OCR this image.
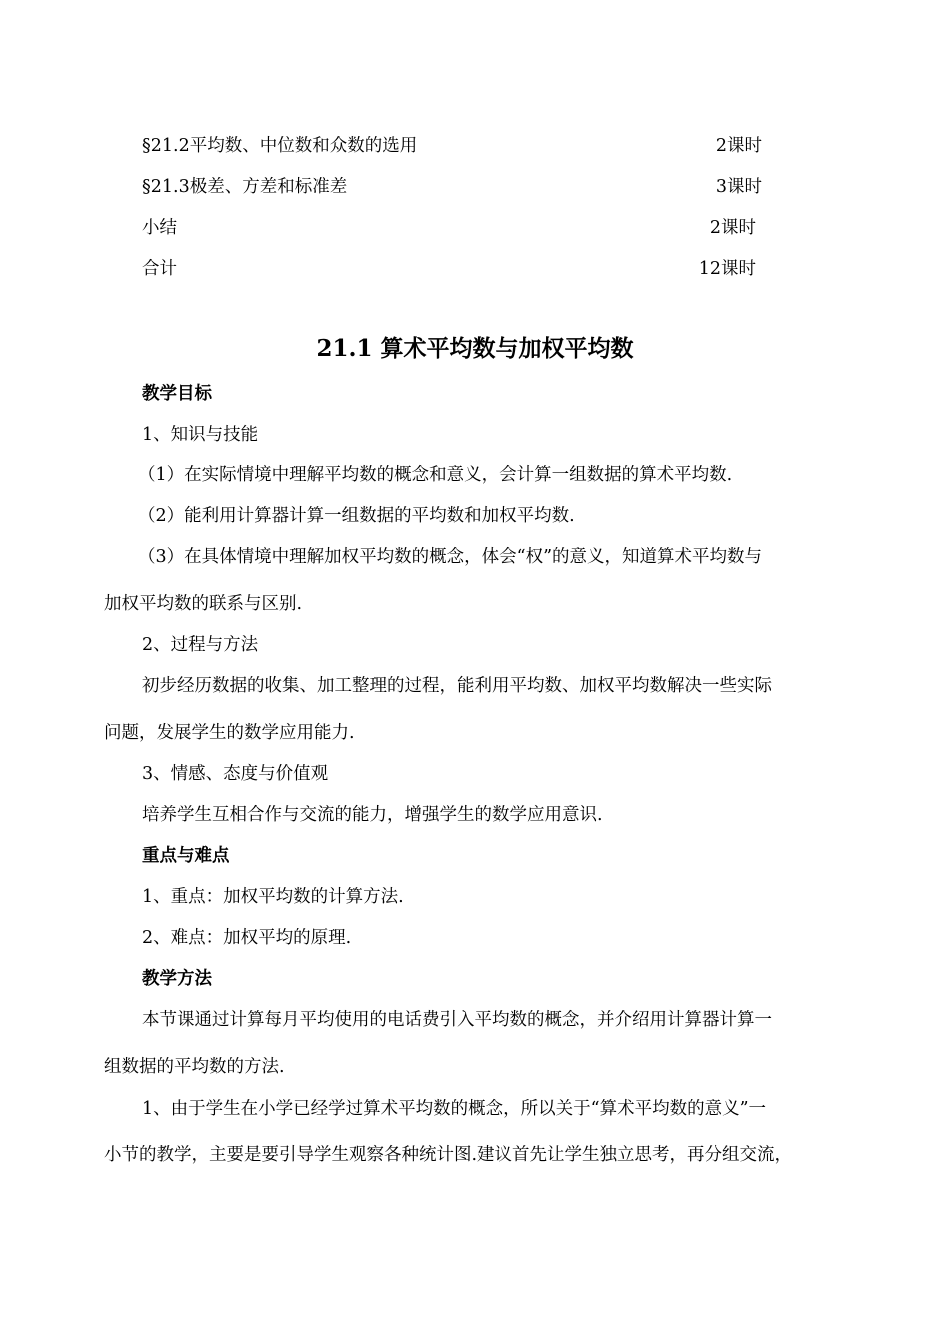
§21.2平均数、中位数和众数的选用	2课时
§21.3极差、方差和标准差	3课时
小结	2课时
合计	12课时
21.1 算术平均数与加权平均数
教学目标
1、知识与技能
（1）在实际情境中理解平均数的概念和意义，会计算一组数据的算术平均数.
（2）能利用计算器计算一组数据的平均数和加权平均数.
（3）在具体情境中理解加权平均数的概念，体会“权”的意义，知道算术平均数与
加权平均数的联系与区别.
2、过程与方法
初步经历数据的收集、加工整理的过程，能利用平均数、加权平均数解决一些实际
问题，发展学生的数学应用能力.
3、情感、态度与价值观
培养学生互相合作与交流的能力，增强学生的数学应用意识.
重点与难点
1、重点：加权平均数的计算方法.
2、难点：加权平均的原理.
教学方法
本节课通过计算每月平均使用的电话费引入平均数的概念，并介绍用计算器计算一
组数据的平均数的方法.
1、由于学生在小学已经学过算术平均数的概念，所以关于“算术平均数的意义”一
小节的教学，主要是要引导学生观察各种统计图.建议首先让学生独立思考，再分组交流，
